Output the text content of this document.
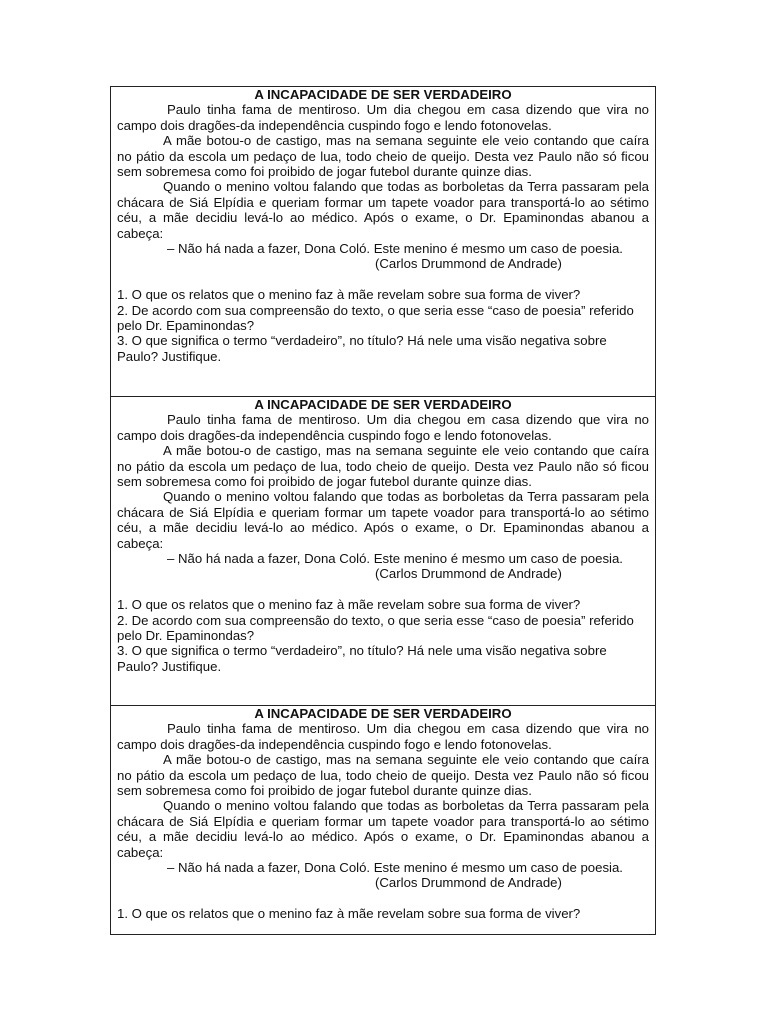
A INCAPACIDADE DE SER VERDADEIRO

Paulo tinha fama de mentiroso. Um dia chegou em casa dizendo que vira no campo dois dragões-da independência cuspindo fogo e lendo fotonovelas.

A mãe botou-o de castigo, mas na semana seguinte ele veio contando que caíra no pátio da escola um pedaço de lua, todo cheio de queijo. Desta vez Paulo não só ficou sem sobremesa como foi proibido de jogar futebol durante quinze dias.

Quando o menino voltou falando que todas as borboletas da Terra passaram pela chácara de Siá Elpídia e queriam formar um tapete voador para transportá-lo ao sétimo céu, a mãe decidiu levá-lo ao médico. Após o exame, o Dr. Epaminondas abanou a cabeça:

– Não há nada a fazer, Dona Coló. Este menino é mesmo um caso de poesia.

(Carlos Drummond de Andrade)

1. O que os relatos que o menino faz à mãe revelam sobre sua forma de viver?

2. De acordo com sua compreensão do texto, o que seria esse “caso de poesia” referido pelo Dr. Epaminondas?

3. O que significa o termo “verdadeiro”, no título? Há nele uma visão negativa sobre Paulo? Justifique.

A INCAPACIDADE DE SER VERDADEIRO

Paulo tinha fama de mentiroso. Um dia chegou em casa dizendo que vira no campo dois dragões-da independência cuspindo fogo e lendo fotonovelas.

A mãe botou-o de castigo, mas na semana seguinte ele veio contando que caíra no pátio da escola um pedaço de lua, todo cheio de queijo. Desta vez Paulo não só ficou sem sobremesa como foi proibido de jogar futebol durante quinze dias.

Quando o menino voltou falando que todas as borboletas da Terra passaram pela chácara de Siá Elpídia e queriam formar um tapete voador para transportá-lo ao sétimo céu, a mãe decidiu levá-lo ao médico. Após o exame, o Dr. Epaminondas abanou a cabeça:

– Não há nada a fazer, Dona Coló. Este menino é mesmo um caso de poesia.

(Carlos Drummond de Andrade)

1. O que os relatos que o menino faz à mãe revelam sobre sua forma de viver?

2. De acordo com sua compreensão do texto, o que seria esse “caso de poesia” referido pelo Dr. Epaminondas?

3. O que significa o termo “verdadeiro”, no título? Há nele uma visão negativa sobre Paulo? Justifique.

A INCAPACIDADE DE SER VERDADEIRO

Paulo tinha fama de mentiroso. Um dia chegou em casa dizendo que vira no campo dois dragões-da independência cuspindo fogo e lendo fotonovelas.

A mãe botou-o de castigo, mas na semana seguinte ele veio contando que caíra no pátio da escola um pedaço de lua, todo cheio de queijo. Desta vez Paulo não só ficou sem sobremesa como foi proibido de jogar futebol durante quinze dias.

Quando o menino voltou falando que todas as borboletas da Terra passaram pela chácara de Siá Elpídia e queriam formar um tapete voador para transportá-lo ao sétimo céu, a mãe decidiu levá-lo ao médico. Após o exame, o Dr. Epaminondas abanou a cabeça:

– Não há nada a fazer, Dona Coló. Este menino é mesmo um caso de poesia.

(Carlos Drummond de Andrade)

1. O que os relatos que o menino faz à mãe revelam sobre sua forma de viver?
